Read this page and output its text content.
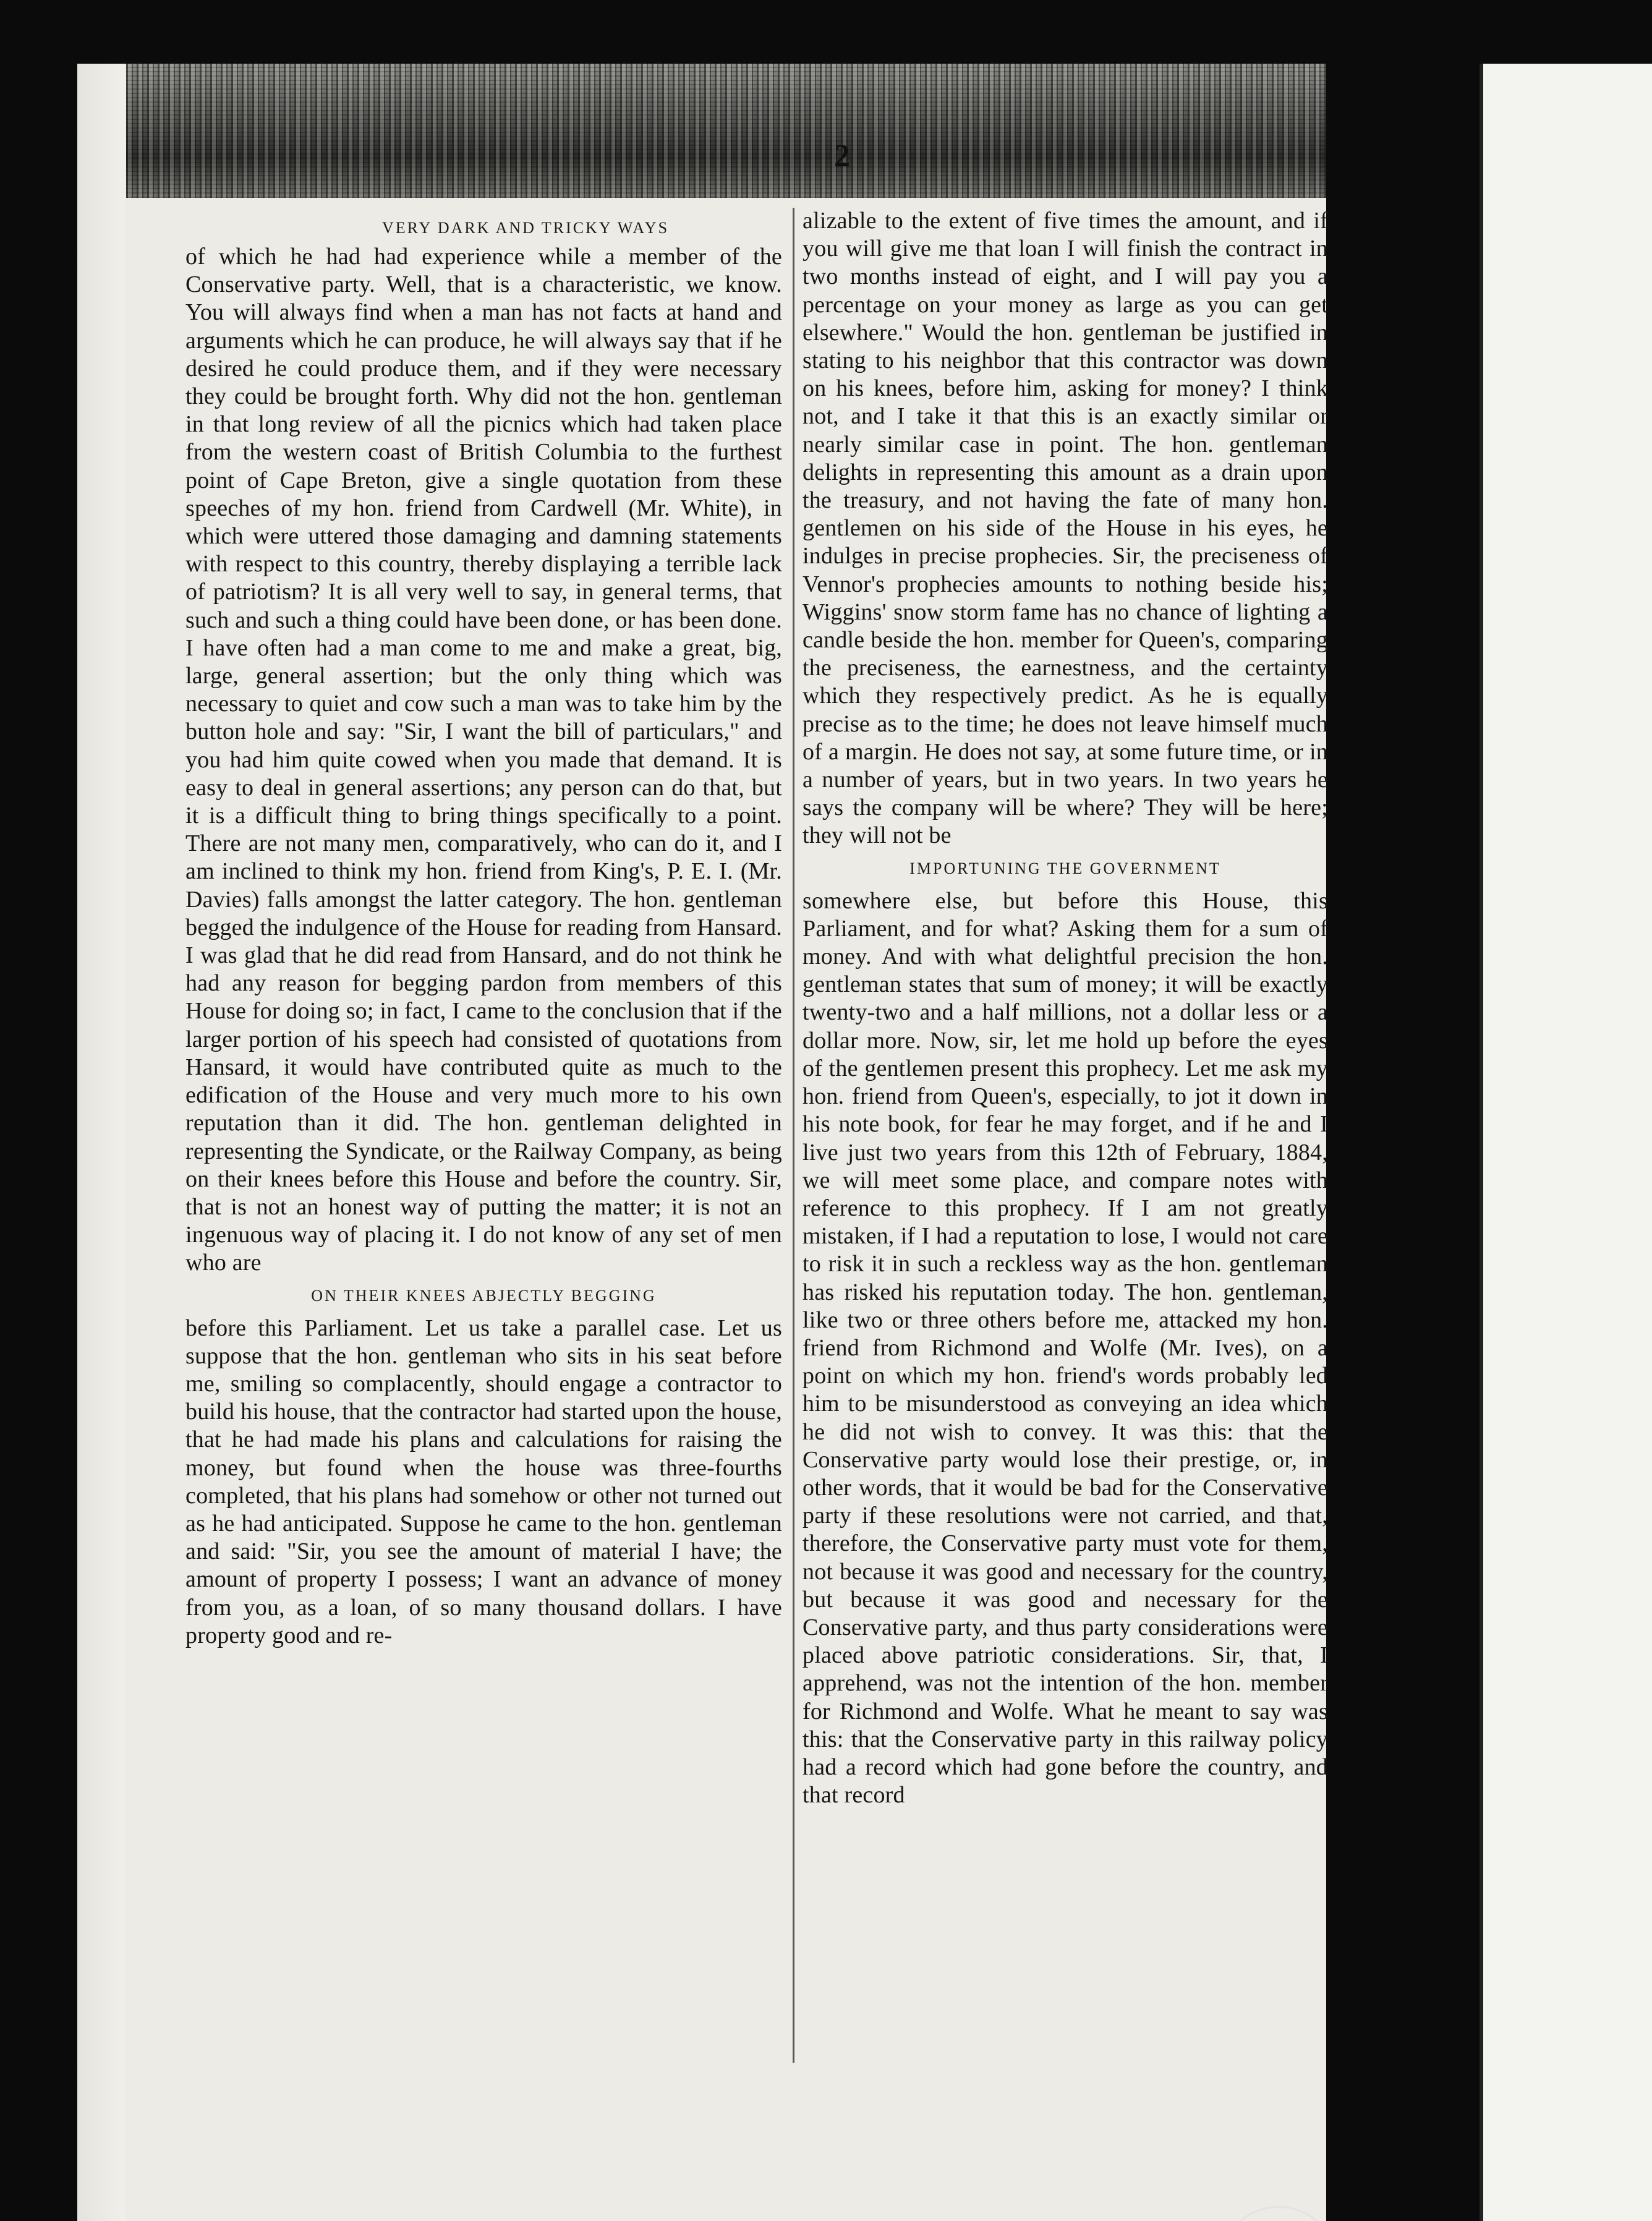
2

VERY DARK AND TRICKY WAYS

of which he had had experience while a member of the Conservative party. Well, that is a characteristic, we know. You will always find when a man has not facts at hand and arguments which he can produce, he will always say that if he desired he could produce them, and if they were necessary they could be brought forth. Why did not the hon. gentleman in that long review of all the picnics which had taken place from the western coast of British Columbia to the furthest point of Cape Breton, give a single quotation from these speeches of my hon. friend from Cardwell (Mr. White), in which were uttered those damaging and damning statements with respect to this country, thereby displaying a terrible lack of patriotism? It is all very well to say, in general terms, that such and such a thing could have been done, or has been done. I have often had a man come to me and make a great, big, large, general assertion; but the only thing which was necessary to quiet and cow such a man was to take him by the button hole and say: "Sir, I want the bill of particulars," and you had him quite cowed when you made that demand. It is easy to deal in general assertions; any person can do that, but it is a difficult thing to bring things specifically to a point. There are not many men, comparatively, who can do it, and I am inclined to think my hon. friend from King's, P. E. I. (Mr. Davies) falls amongst the latter category. The hon. gentleman begged the indulgence of the House for reading from Hansard. I was glad that he did read from Hansard, and do not think he had any reason for begging pardon from members of this House for doing so; in fact, I came to the conclusion that if the larger portion of his speech had consisted of quotations from Hansard, it would have contributed quite as much to the edification of the House and very much more to his own reputation than it did. The hon. gentleman delighted in representing the Syndicate, or the Railway Company, as being on their knees before this House and before the country. Sir, that is not an honest way of putting the matter; it is not an ingenuous way of placing it. I do not know of any set of men who are

ON THEIR KNEES ABJECTLY BEGGING

before this Parliament. Let us take a parallel case. Let us suppose that the hon. gentleman who sits in his seat before me, smiling so complacently, should engage a contractor to build his house, that the contractor had started upon the house, that he had made his plans and calculations for raising the money, but found when the house was three-fourths completed, that his plans had somehow or other not turned out as he had anticipated. Suppose he came to the hon. gentleman and said: "Sir, you see the amount of material I have; the amount of property I possess; I want an advance of money from you, as a loan, of so many thousand dollars. I have property good and re-

alizable to the extent of five times the amount, and if you will give me that loan I will finish the contract in two months instead of eight, and I will pay you a percentage on your money as large as you can get elsewhere." Would the hon. gentleman be justified in stating to his neighbor that this contractor was down on his knees, before him, asking for money? I think not, and I take it that this is an exactly similar or nearly similar case in point. The hon. gentleman delights in representing this amount as a drain upon the treasury, and not having the fate of many hon. gentlemen on his side of the House in his eyes, he indulges in precise prophecies. Sir, the preciseness of Vennor's prophecies amounts to nothing beside his; Wiggins' snow storm fame has no chance of lighting a candle beside the hon. member for Queen's, comparing the preciseness, the earnestness, and the certainty which they respectively predict. As he is equally precise as to the time; he does not leave himself much of a margin. He does not say, at some future time, or in a number of years, but in two years. In two years he says the company will be where? They will be here; they will not be

IMPORTUNING THE GOVERNMENT

somewhere else, but before this House, this Parliament, and for what? Asking them for a sum of money. And with what delightful precision the hon. gentleman states that sum of money; it will be exactly twenty-two and a half millions, not a dollar less or a dollar more. Now, sir, let me hold up before the eyes of the gentlemen present this prophecy. Let me ask my hon. friend from Queen's, especially, to jot it down in his note book, for fear he may forget, and if he and I live just two years from this 12th of February, 1884, we will meet some place, and compare notes with reference to this prophecy. If I am not greatly mistaken, if I had a reputation to lose, I would not care to risk it in such a reckless way as the hon. gentleman has risked his reputation today. The hon. gentleman, like two or three others before me, attacked my hon. friend from Richmond and Wolfe (Mr. Ives), on a point on which my hon. friend's words probably led him to be misunderstood as conveying an idea which he did not wish to convey. It was this: that the Conservative party would lose their prestige, or, in other words, that it would be bad for the Conservative party if these resolutions were not carried, and that, therefore, the Conservative party must vote for them, not because it was good and necessary for the country, but because it was good and necessary for the Conservative party, and thus party considerations were placed above patriotic considerations. Sir, that, I apprehend, was not the intention of the hon. member for Richmond and Wolfe. What he meant to say was this: that the Conservative party in this railway policy had a record which had gone before the country, and that record
